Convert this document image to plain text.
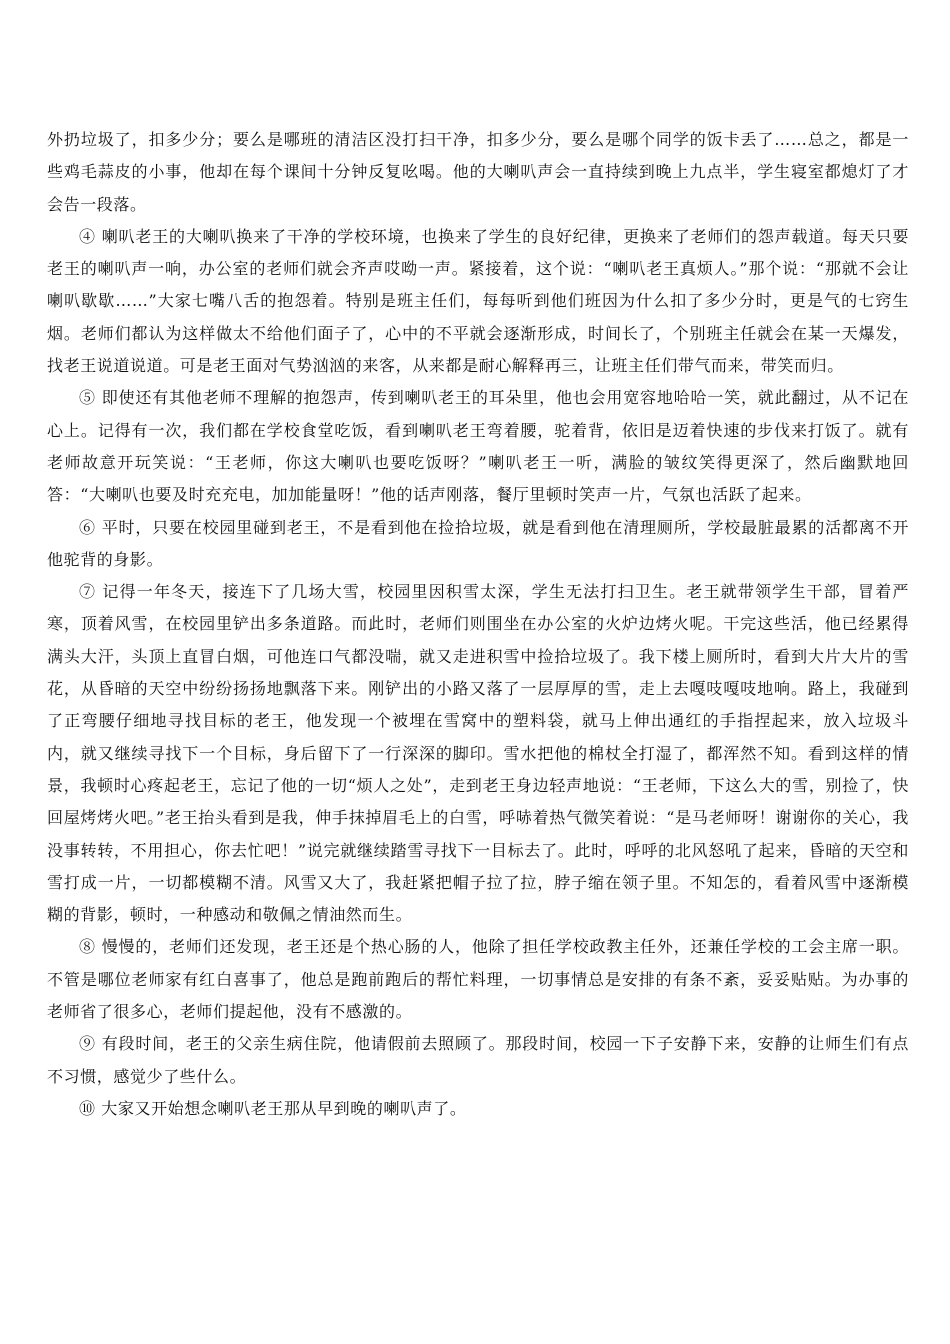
外扔垃圾了，扣多少分；要么是哪班的清洁区没打扫干净，扣多少分，要么是哪个同学的饭卡丢了……总之，都是一些鸡毛蒜皮的小事，他却在每个课间十分钟反复吆喝。他的大喇叭声会一直持续到晚上九点半，学生寝室都熄灯了才会告一段落。

④ 喇叭老王的大喇叭换来了干净的学校环境，也换来了学生的良好纪律，更换来了老师们的怨声载道。每天只要老王的喇叭声一响，办公室的老师们就会齐声哎呦一声。紧接着，这个说：“喇叭老王真烦人。”那个说：“那就不会让喇叭歇歇……”大家七嘴八舌的抱怨着。特别是班主任们，每每听到他们班因为什么扣了多少分时，更是气的七窍生烟。老师们都认为这样做太不给他们面子了，心中的不平就会逐渐形成，时间长了，个别班主任就会在某一天爆发，找老王说道说道。可是老王面对气势汹汹的来客，从来都是耐心解释再三，让班主任们带气而来，带笑而归。

⑤ 即使还有其他老师不理解的抱怨声，传到喇叭老王的耳朵里，他也会用宽容地哈哈一笑，就此翻过，从不记在心上。记得有一次，我们都在学校食堂吃饭，看到喇叭老王弯着腰，驼着背，依旧是迈着快速的步伐来打饭了。就有老师故意开玩笑说：“王老师，你这大喇叭也要吃饭呀？”喇叭老王一听，满脸的皱纹笑得更深了，然后幽默地回答：“大喇叭也要及时充充电，加加能量呀！”他的话声刚落，餐厅里顿时笑声一片，气氛也活跃了起来。

⑥ 平时，只要在校园里碰到老王，不是看到他在捡拾垃圾，就是看到他在清理厕所，学校最脏最累的活都离不开他驼背的身影。

⑦ 记得一年冬天，接连下了几场大雪，校园里因积雪太深，学生无法打扫卫生。老王就带领学生干部，冒着严寒，顶着风雪，在校园里铲出多条道路。而此时，老师们则围坐在办公室的火炉边烤火呢。干完这些活，他已经累得满头大汗，头顶上直冒白烟，可他连口气都没喘，就又走进积雪中捡拾垃圾了。我下楼上厕所时，看到大片大片的雪花，从昏暗的天空中纷纷扬扬地飘落下来。刚铲出的小路又落了一层厚厚的雪，走上去嘎吱嘎吱地响。路上，我碰到了正弯腰仔细地寻找目标的老王，他发现一个被埋在雪窝中的塑料袋，就马上伸出通红的手指捏起来，放入垃圾斗内，就又继续寻找下一个目标，身后留下了一行深深的脚印。雪水把他的棉杖全打湿了，都浑然不知。看到这样的情景，我顿时心疼起老王，忘记了他的一切“烦人之处”，走到老王身边轻声地说：“王老师，下这么大的雪，别捡了，快回屋烤烤火吧。”老王抬头看到是我，伸手抹掉眉毛上的白雪，呼哧着热气微笑着说：“是马老师呀！谢谢你的关心，我没事转转，不用担心，你去忙吧！”说完就继续踏雪寻找下一目标去了。此时，呼呼的北风怒吼了起来，昏暗的天空和雪打成一片，一切都模糊不清。风雪又大了，我赶紧把帽子拉了拉，脖子缩在领子里。不知怎的，看着风雪中逐渐模糊的背影，顿时，一种感动和敬佩之情油然而生。

⑧ 慢慢的，老师们还发现，老王还是个热心肠的人，他除了担任学校政教主任外，还兼任学校的工会主席一职。不管是哪位老师家有红白喜事了，他总是跑前跑后的帮忙料理，一切事情总是安排的有条不紊，妥妥贴贴。为办事的老师省了很多心，老师们提起他，没有不感激的。

⑨ 有段时间，老王的父亲生病住院，他请假前去照顾了。那段时间，校园一下子安静下来，安静的让师生们有点不习惯，感觉少了些什么。

⑩ 大家又开始想念喇叭老王那从早到晚的喇叭声了。
